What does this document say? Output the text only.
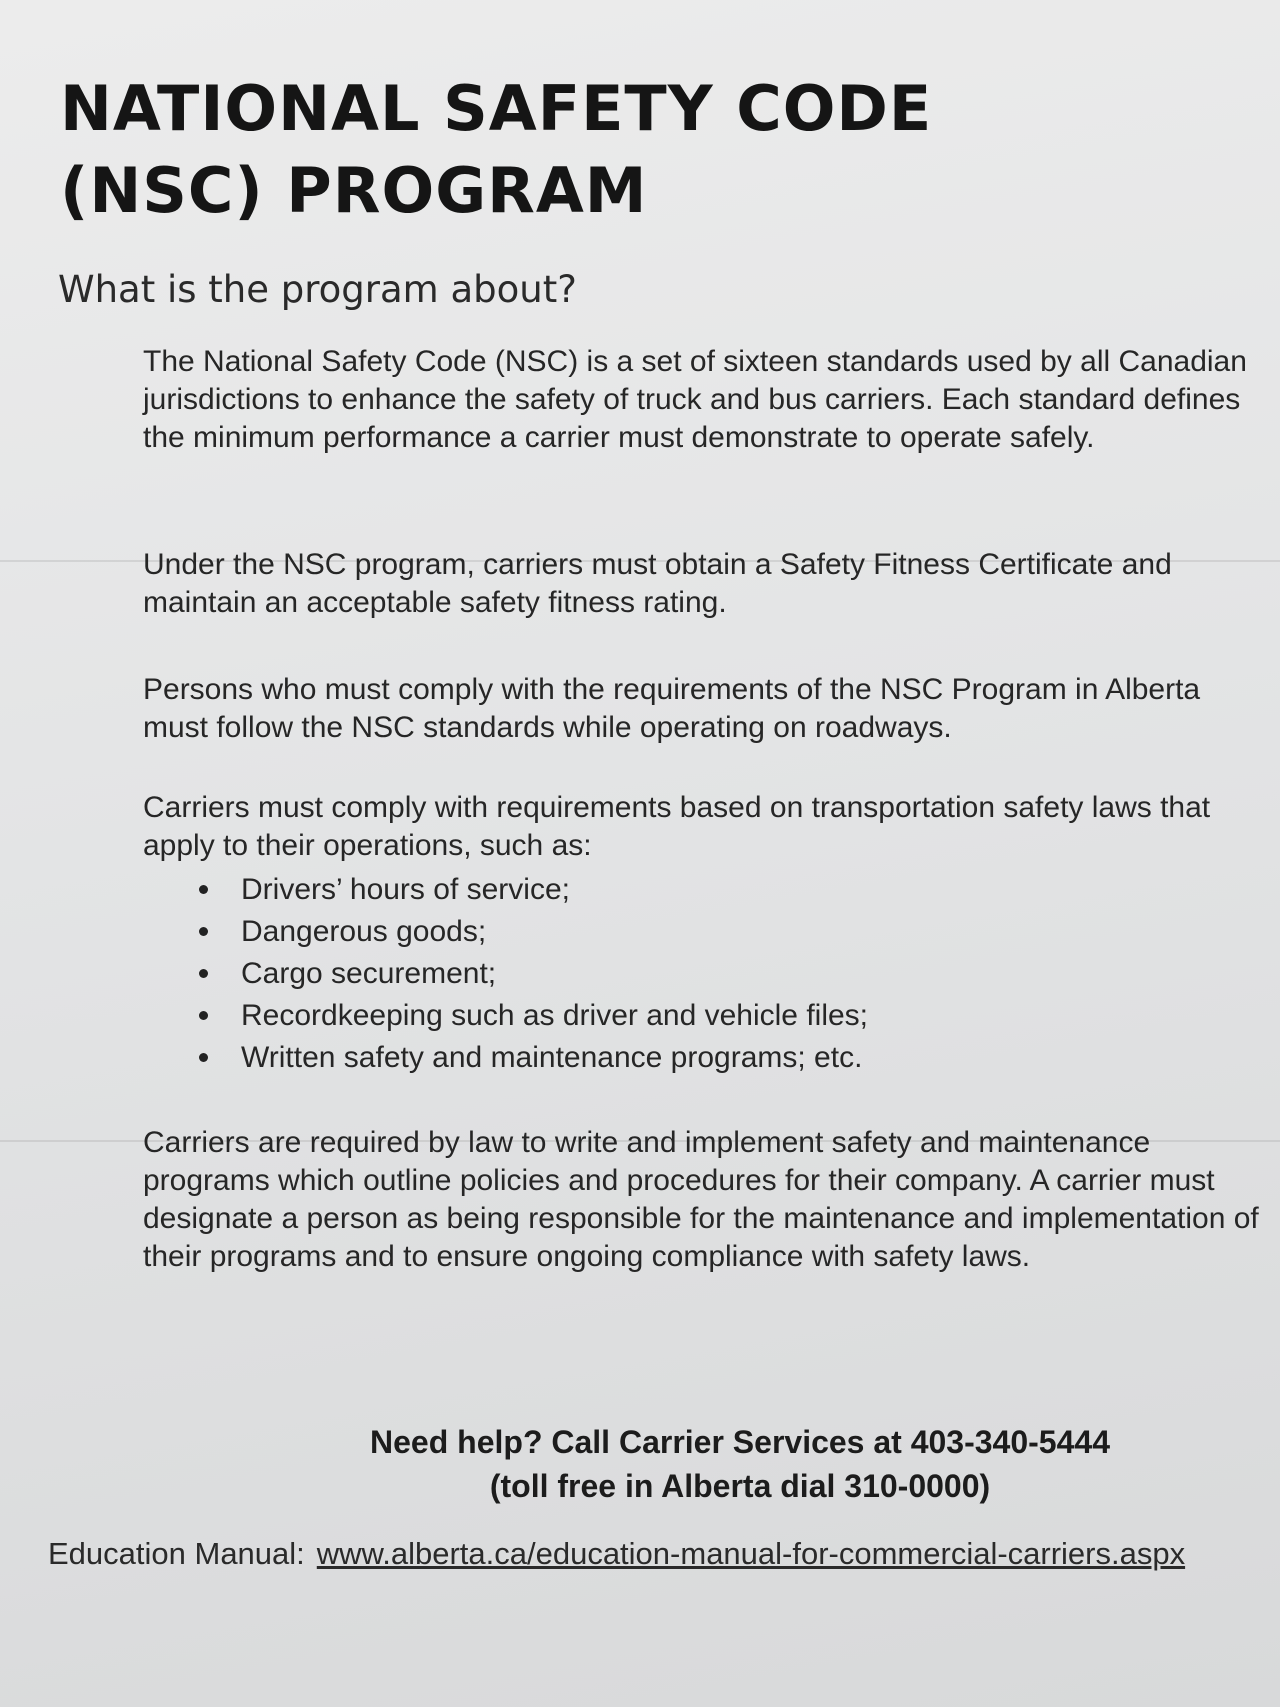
NATIONAL SAFETY CODE
(NSC) PROGRAM
What is the program about?

The National Safety Code (NSC) is a set of sixteen standards used by all Canadian jurisdictions to enhance the safety of truck and bus carriers. Each standard defines the minimum performance a carrier must demonstrate to operate safely.

Under the NSC program, carriers must obtain a Safety Fitness Certificate and maintain an acceptable safety fitness rating.

Persons who must comply with the requirements of the NSC Program in Alberta must follow the NSC standards while operating on roadways.

Carriers must comply with requirements based on transportation safety laws that apply to their operations, such as:

Drivers’ hours of service;
Dangerous goods;
Cargo securement;
Recordkeeping such as driver and vehicle files;
Written safety and maintenance programs; etc.

Carriers are required by law to write and implement safety and maintenance programs which outline policies and procedures for their company. A carrier must designate a person as being responsible for the maintenance and implementation of their programs and to ensure ongoing compliance with safety laws.

Need help? Call Carrier Services at 403-340-5444

(toll free in Alberta dial 310-0000)

Education Manual: www.alberta.ca/education-manual-for-commercial-carriers.aspx
